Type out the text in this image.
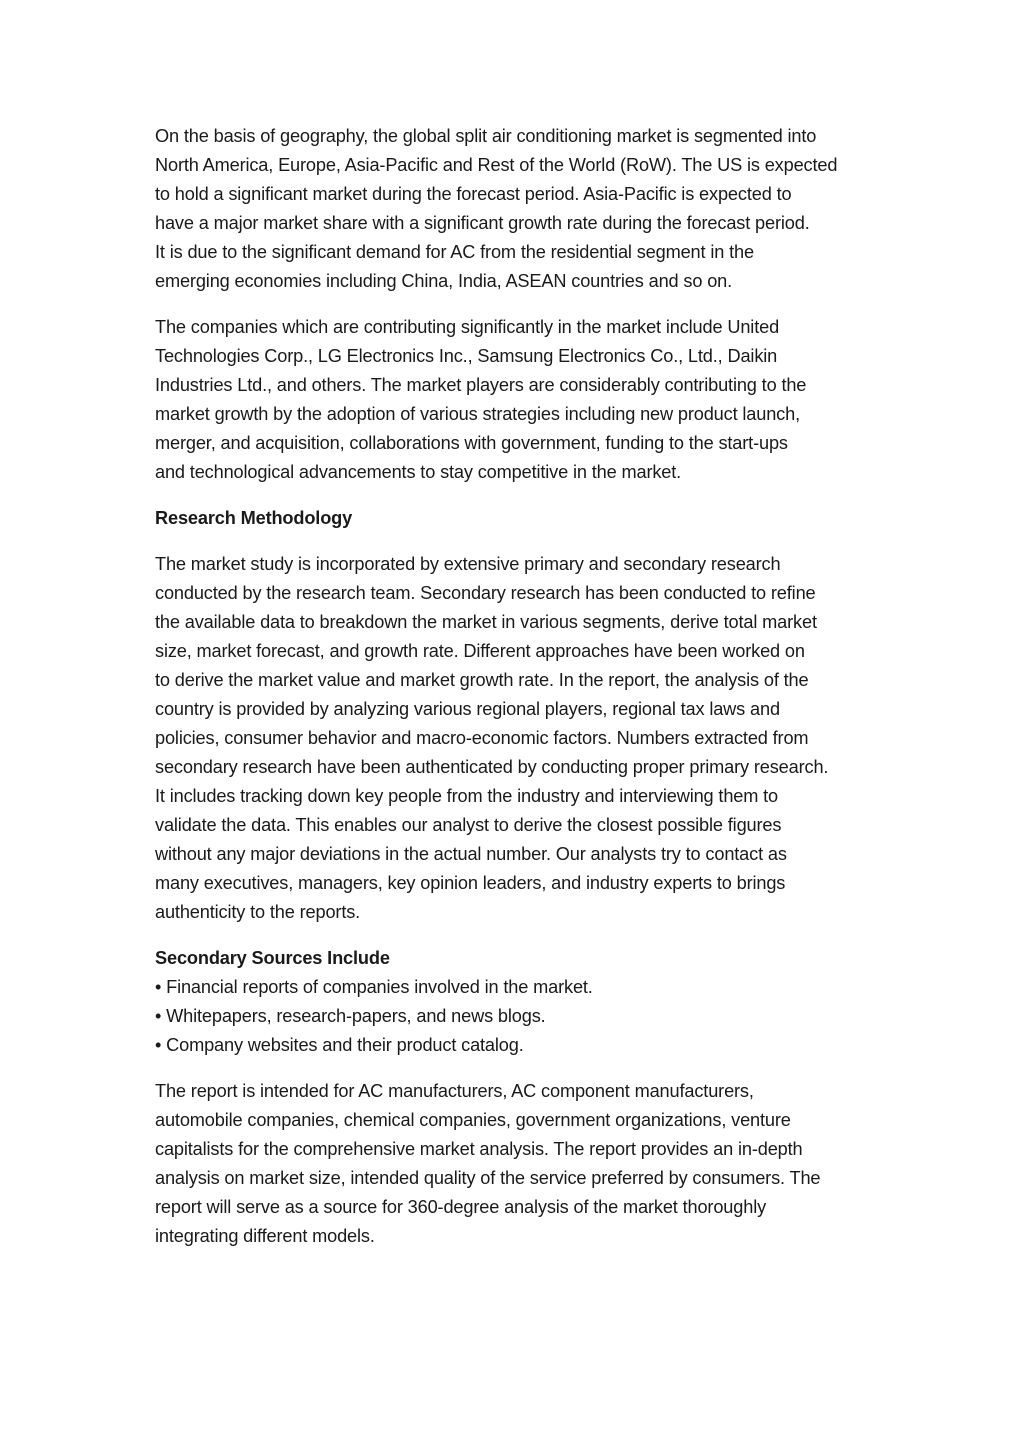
On the basis of geography, the global split air conditioning market is segmented into
North America, Europe, Asia-Pacific and Rest of the World (RoW). The US is expected
to hold a significant market during the forecast period. Asia-Pacific is expected to
have a major market share with a significant growth rate during the forecast period.
It is due to the significant demand for AC from the residential segment in the
emerging economies including China, India, ASEAN countries and so on.

The companies which are contributing significantly in the market include United
Technologies Corp., LG Electronics Inc., Samsung Electronics Co., Ltd., Daikin
Industries Ltd., and others. The market players are considerably contributing to the
market growth by the adoption of various strategies including new product launch,
merger, and acquisition, collaborations with government, funding to the start-ups
and technological advancements to stay competitive in the market.

Research Methodology

The market study is incorporated by extensive primary and secondary research
conducted by the research team. Secondary research has been conducted to refine
the available data to breakdown the market in various segments, derive total market
size, market forecast, and growth rate. Different approaches have been worked on
to derive the market value and market growth rate. In the report, the analysis of the
country is provided by analyzing various regional players, regional tax laws and
policies, consumer behavior and macro-economic factors. Numbers extracted from
secondary research have been authenticated by conducting proper primary research.
It includes tracking down key people from the industry and interviewing them to
validate the data. This enables our analyst to derive the closest possible figures
without any major deviations in the actual number. Our analysts try to contact as
many executives, managers, key opinion leaders, and industry experts to brings
authenticity to the reports.

Secondary Sources Include
• Financial reports of companies involved in the market.
• Whitepapers, research-papers, and news blogs.
• Company websites and their product catalog.

The report is intended for AC manufacturers, AC component manufacturers,
automobile companies, chemical companies, government organizations, venture
capitalists for the comprehensive market analysis. The report provides an in-depth
analysis on market size, intended quality of the service preferred by consumers. The
report will serve as a source for 360-degree analysis of the market thoroughly
integrating different models.
